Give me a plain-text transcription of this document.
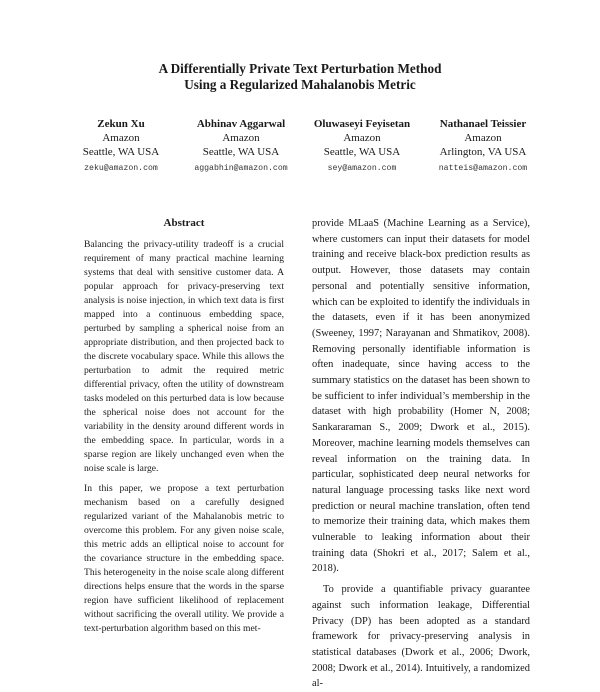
A Differentially Private Text Perturbation Method
Using a Regularized Mahalanobis Metric
Zekun Xu
Amazon
Seattle, WA USA
zeku@amazon.com
Abhinav Aggarwal
Amazon
Seattle, WA USA
aggabhin@amazon.com
Oluwaseyi Feyisetan
Amazon
Seattle, WA USA
sey@amazon.com
Nathanael Teissier
Amazon
Arlington, VA USA
natteis@amazon.com
Abstract

Balancing the privacy-utility tradeoff is a crucial requirement of many practical machine learning systems that deal with sensitive customer data. A popular approach for privacy-preserving text analysis is noise injection, in which text data is first mapped into a continuous embedding space, perturbed by sampling a spherical noise from an appropriate distribution, and then projected back to the discrete vocabulary space. While this allows the perturbation to admit the required metric differential privacy, often the utility of downstream tasks modeled on this perturbed data is low because the spherical noise does not account for the variability in the density around different words in the embedding space. In particular, words in a sparse region are likely unchanged even when the noise scale is large.

In this paper, we propose a text perturbation mechanism based on a carefully designed regularized variant of the Mahalanobis metric to overcome this problem. For any given noise scale, this metric adds an elliptical noise to account for the covariance structure in the embedding space. This heterogeneity in the noise scale along different directions helps ensure that the words in the sparse region have sufficient likelihood of replacement without sacrificing the overall utility. We provide a text-perturbation algorithm based on this met-

provide MLaaS (Machine Learning as a Service), where customers can input their datasets for model training and receive black-box prediction results as output. However, those datasets may contain personal and potentially sensitive information, which can be exploited to identify the individuals in the datasets, even if it has been anonymized (Sweeney, 1997; Narayanan and Shmatikov, 2008). Removing personally identifiable information is often inadequate, since having access to the summary statistics on the dataset has been shown to be sufficient to infer individual’s membership in the dataset with high probability (Homer N, 2008; Sankararaman S., 2009; Dwork et al., 2015). Moreover, machine learning models themselves can reveal information on the training data. In particular, sophisticated deep neural networks for natural language processing tasks like next word prediction or neural machine translation, often tend to memorize their training data, which makes them vulnerable to leaking information about their training data (Shokri et al., 2017; Salem et al., 2018).

To provide a quantifiable privacy guarantee against such information leakage, Differential Privacy (DP) has been adopted as a standard framework for privacy-preserving analysis in statistical databases (Dwork et al., 2006; Dwork, 2008; Dwork et al., 2014). Intuitively, a randomized al-
